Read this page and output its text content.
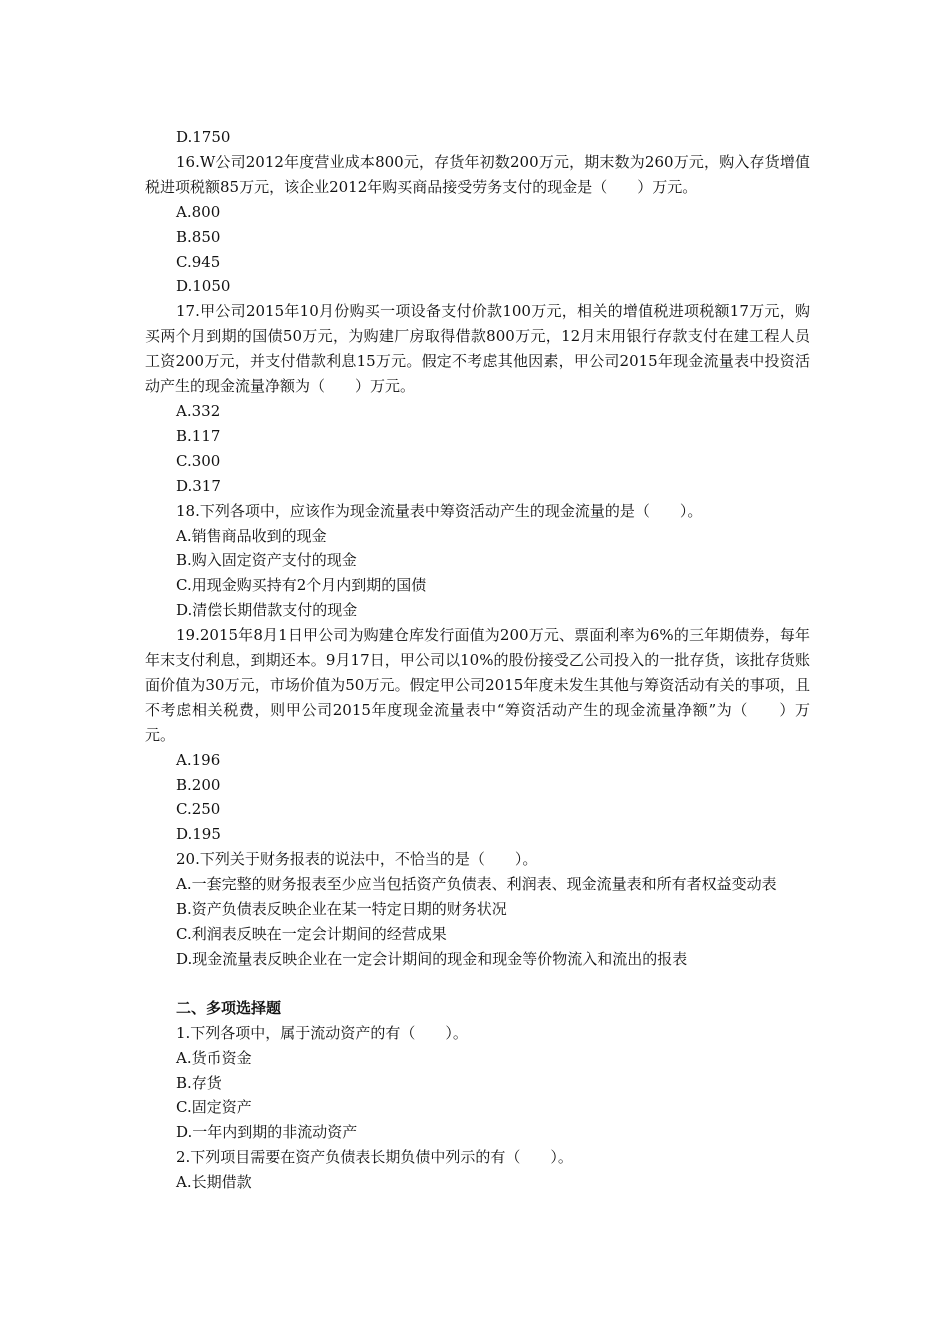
D.1750

16.W公司2012年度营业成本800元，存货年初数200万元，期末数为260万元，购入存货增值税进项税额85万元，该企业2012年购买商品接受劳务支付的现金是（　　）万元。

A.800

B.850

C.945

D.1050

17.甲公司2015年10月份购买一项设备支付价款100万元，相关的增值税进项税额17万元，购买两个月到期的国债50万元，为购建厂房取得借款800万元，12月末用银行存款支付在建工程人员工资200万元，并支付借款利息15万元。假定不考虑其他因素，甲公司2015年现金流量表中投资活动产生的现金流量净额为（　　）万元。

A.332

B.117

C.300

D.317

18.下列各项中，应该作为现金流量表中筹资活动产生的现金流量的是（　　）。

A.销售商品收到的现金

B.购入固定资产支付的现金

C.用现金购买持有2个月内到期的国债

D.清偿长期借款支付的现金

19.2015年8月1日甲公司为购建仓库发行面值为200万元、票面利率为6%的三年期债券，每年年末支付利息，到期还本。9月17日，甲公司以10%的股份接受乙公司投入的一批存货，该批存货账面价值为30万元，市场价值为50万元。假定甲公司2015年度未发生其他与筹资活动有关的事项，且不考虑相关税费，则甲公司2015年度现金流量表中“筹资活动产生的现金流量净额”为（　　）万元。

A.196

B.200

C.250

D.195

20.下列关于财务报表的说法中，不恰当的是（　　）。

A.一套完整的财务报表至少应当包括资产负债表、利润表、现金流量表和所有者权益变动表

B.资产负债表反映企业在某一特定日期的财务状况

C.利润表反映在一定会计期间的经营成果

D.现金流量表反映企业在一定会计期间的现金和现金等价物流入和流出的报表

二、多项选择题

1.下列各项中，属于流动资产的有（　　）。

A.货币资金

B.存货

C.固定资产

D.一年内到期的非流动资产

2.下列项目需要在资产负债表长期负债中列示的有（　　）。

A.长期借款
